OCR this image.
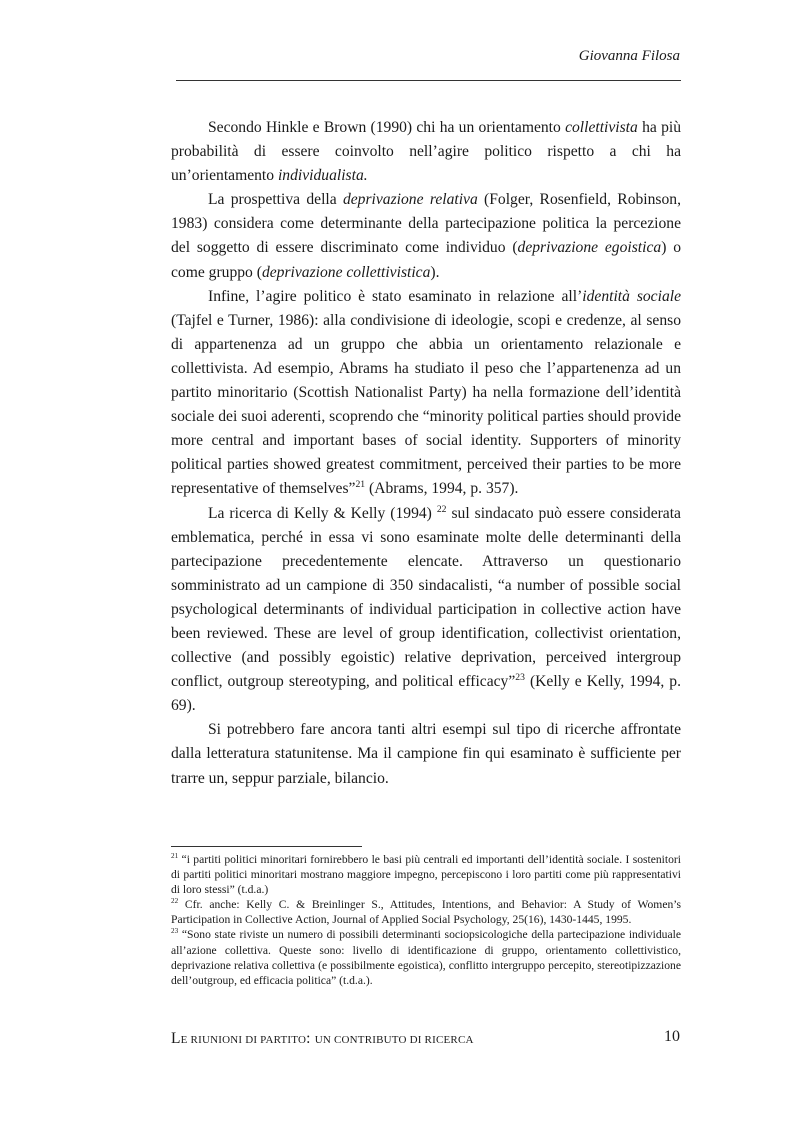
Giovanna Filosa

Secondo Hinkle e Brown (1990) chi ha un orientamento collettivista ha più probabilità di essere coinvolto nell’agire politico rispetto a chi ha un’orientamento individualista.

La prospettiva della deprivazione relativa (Folger, Rosenfield, Robinson, 1983) considera come determinante della partecipazione politica la percezione del soggetto di essere discriminato come individuo (deprivazione egoistica) o come gruppo (deprivazione collettivistica).

Infine, l’agire politico è stato esaminato in relazione all’identità sociale (Tajfel e Turner, 1986): alla condivisione di ideologie, scopi e credenze, al senso di appartenenza ad un gruppo che abbia un orientamento relazionale e collettivista. Ad esempio, Abrams ha studiato il peso che l’appartenenza ad un partito minoritario (Scottish Nationalist Party) ha nella formazione dell’identità sociale dei suoi aderenti, scoprendo che “minority political parties should provide more central and important bases of social identity. Supporters of minority political parties showed greatest commitment, perceived their parties to be more representative of themselves”$^{21}$ (Abrams, 1994, p. 357).

La ricerca di Kelly & Kelly (1994) $^{22}$ sul sindacato può essere considerata emblematica, perché in essa vi sono esaminate molte delle determinanti della partecipazione precedentemente elencate. Attraverso un questionario somministrato ad un campione di 350 sindacalisti, “a number of possible social psychological determinants of individual participation in collective action have been reviewed. These are level of group identification, collectivist orientation, collective (and possibly egoistic) relative deprivation, perceived intergroup conflict, outgroup stereotyping, and political efficacy”$^{23}$ (Kelly e Kelly, 1994, p. 69).

Si potrebbero fare ancora tanti altri esempi sul tipo di ricerche affrontate dalla letteratura statunitense. Ma il campione fin qui esaminato è sufficiente per trarre un, seppur parziale, bilancio.

$^{21}$ “i partiti politici minoritari fornirebbero le basi più centrali ed importanti dell’identità sociale. I sostenitori di partiti politici minoritari mostrano maggiore impegno, percepiscono i loro partiti come più rappresentativi di loro stessi” (t.d.a.)

$^{22}$ Cfr. anche: Kelly C. & Breinlinger S., Attitudes, Intentions, and Behavior: A Study of Women’s Participation in Collective Action, Journal of Applied Social Psychology, 25(16), 1430-1445, 1995.

$^{23}$ “Sono state riviste un numero di possibili determinanti sociopsicologiche della partecipazione individuale all’azione collettiva. Queste sono: livello di identificazione di gruppo, orientamento collettivistico, deprivazione relativa collettiva (e possibilmente egoistica), conflitto intergruppo percepito, stereotipizzazione dell’outgroup, ed efficacia politica” (t.d.a.).

LE RIUNIONI DI PARTITO: UN CONTRIBUTO DI RICERCA	10
